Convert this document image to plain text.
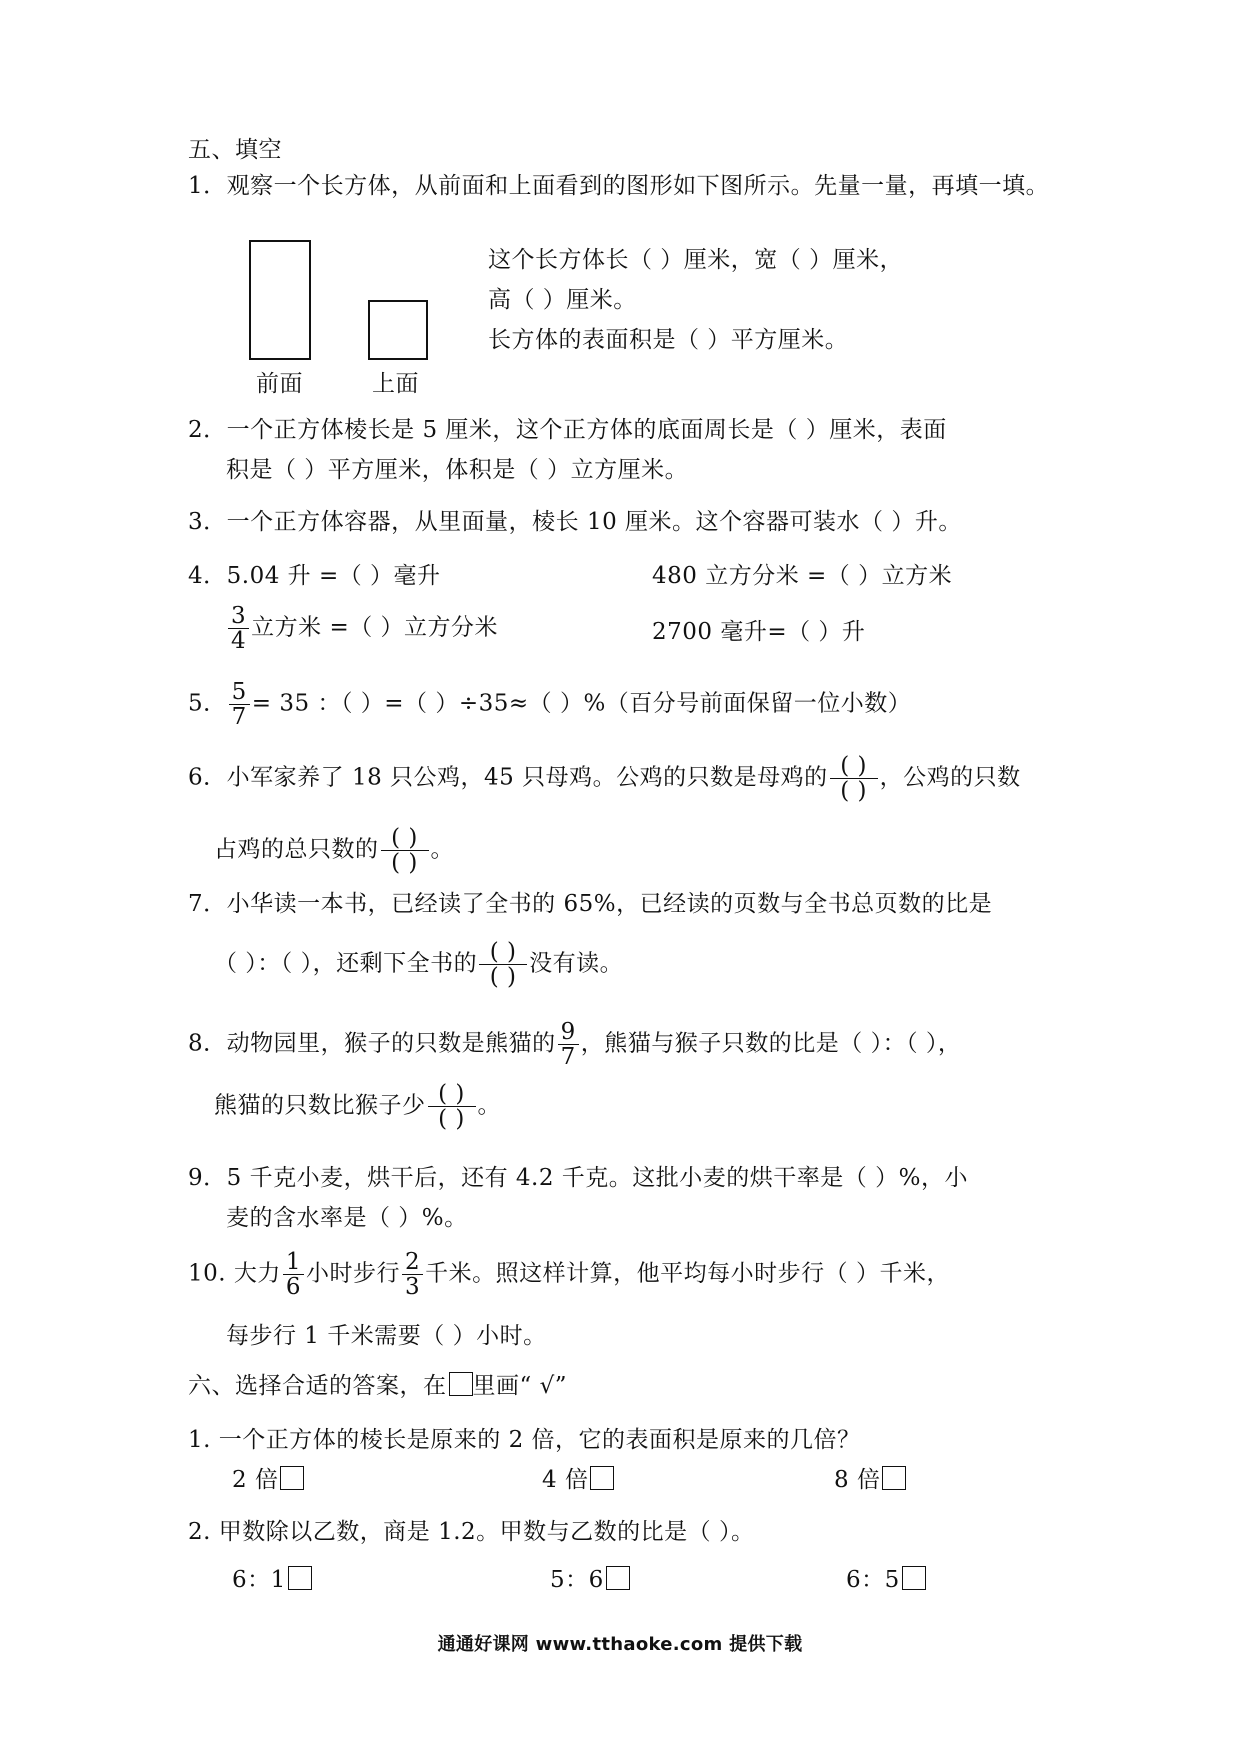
五、填空
1．观察一个长方体，从前面和上面看到的图形如下图所示。先量一量，再填一填。
前面	上面
这个长方体长（ ）厘米，宽（ ）厘米，
高（ ）厘米。
长方体的表面积是（ ）平方厘米。
2．一个正方体棱长是 5 厘米，这个正方体的底面周长是（ ）厘米，表面
积是（ ）平方厘米，体积是（ ）立方厘米。
3．一个正方体容器，从里面量，棱长 10 厘米。这个容器可装水（ ）升。
4．5.04 升 =（ ）毫升	480 立方分米 =（ ）立方米
$\frac{3}{4}$ 立方米 =（ ）立方分米	2700 毫升=（ ）升
5． $\frac{5}{7} = 35$ ：（ ）=（ ）÷35≈（ ）%（百分号前面保留一位小数）
6．小军家养了 18 只公鸡，45 只母鸡。公鸡的只数是母鸡的 $\frac{( )}{( )}$ ，公鸡的只数
占鸡的总只数的 $\frac{( )}{( )}$ 。
7．小华读一本书，已经读了全书的 65%，已经读的页数与全书总页数的比是
（ ）：（ ），还剩下全书的 $\frac{( )}{( )}$ 没有读。
8．动物园里，猴子的只数是熊猫的 $\frac{9}{7}$ ，熊猫与猴子只数的比是（ ）：（ ），
熊猫的只数比猴子少 $\frac{( )}{( )}$ 。
9．5 千克小麦，烘干后，还有 4.2 千克。这批小麦的烘干率是（ ）%，小
麦的含水率是（ ）%。
10. 大力 $\frac{1}{6}$ 小时步行 $\frac{2}{3}$ 千米。照这样计算，他平均每小时步行（ ）千米，
每步行 1 千米需要（ ）小时。
六、选择合适的答案，在 里画“ √”
1. 一个正方体的棱长是原来的 2 倍，它的表面积是原来的几倍？
2 倍	4 倍	8 倍
2. 甲数除以乙数，商是 1.2。甲数与乙数的比是（ ）。
6：1	5：6	6：5
通通好课网 www.tthaoke.com 提供下载
